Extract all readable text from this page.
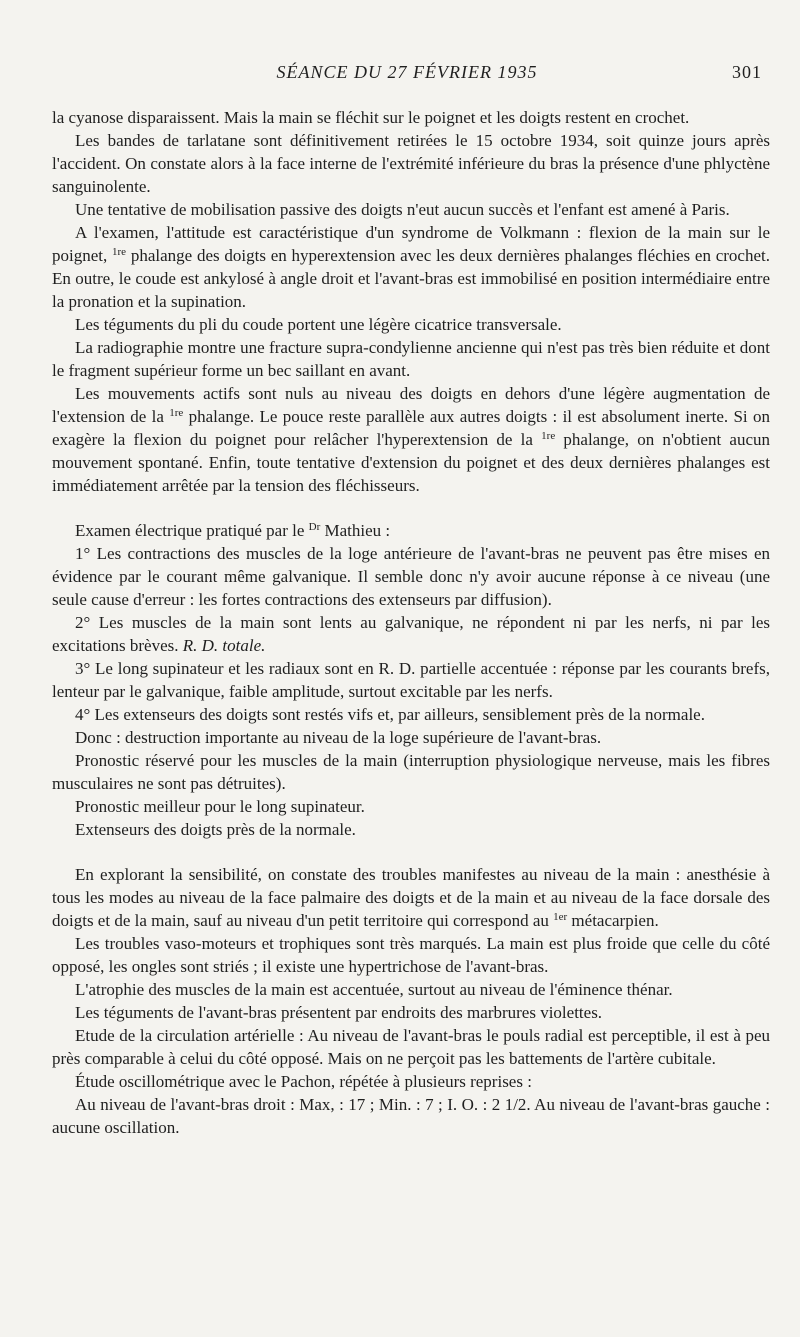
SÉANCE DU 27 FÉVRIER 1935	301

la cyanose disparaissent. Mais la main se fléchit sur le poignet et les doigts restent en crochet.

Les bandes de tarlatane sont définitivement retirées le 15 octobre 1934, soit quinze jours après l'accident. On constate alors à la face interne de l'extrémité inférieure du bras la présence d'une phlyctène sanguinolente.

Une tentative de mobilisation passive des doigts n'eut aucun succès et l'enfant est amené à Paris.

A l'examen, l'attitude est caractéristique d'un syndrome de Volkmann : flexion de la main sur le poignet, $^{1re}$ phalange des doigts en hyperextension avec les deux dernières phalanges fléchies en crochet. En outre, le coude est ankylosé à angle droit et l'avant-bras est immobilisé en position intermédiaire entre la pronation et la supination.

Les téguments du pli du coude portent une légère cicatrice transversale.

La radiographie montre une fracture supra-condylienne ancienne qui n'est pas très bien réduite et dont le fragment supérieur forme un bec saillant en avant.

Les mouvements actifs sont nuls au niveau des doigts en dehors d'une légère augmentation de l'extension de la $^{1re}$ phalange. Le pouce reste parallèle aux autres doigts : il est absolument inerte. Si on exagère la flexion du poignet pour relâcher l'hyperextension de la $^{1re}$ phalange, on n'obtient aucun mouvement spontané. Enfin, toute tentative d'extension du poignet et des deux dernières phalanges est immédiatement arrêtée par la tension des fléchisseurs.

Examen électrique pratiqué par le $^{Dr}$ Mathieu :

1° Les contractions des muscles de la loge antérieure de l'avant-bras ne peuvent pas être mises en évidence par le courant même galvanique. Il semble donc n'y avoir aucune réponse à ce niveau (une seule cause d'erreur : les fortes contractions des extenseurs par diffusion).

2° Les muscles de la main sont lents au galvanique, ne répondent ni par les nerfs, ni par les excitations brèves. R. D. totale.

3° Le long supinateur et les radiaux sont en R. D. partielle accentuée : réponse par les courants brefs, lenteur par le galvanique, faible amplitude, surtout excitable par les nerfs.

4° Les extenseurs des doigts sont restés vifs et, par ailleurs, sensiblement près de la normale.

Donc : destruction importante au niveau de la loge supérieure de l'avant-bras.

Pronostic réservé pour les muscles de la main (interruption physiologique nerveuse, mais les fibres musculaires ne sont pas détruites).

Pronostic meilleur pour le long supinateur.

Extenseurs des doigts près de la normale.

En explorant la sensibilité, on constate des troubles manifestes au niveau de la main : anesthésie à tous les modes au niveau de la face palmaire des doigts et de la main et au niveau de la face dorsale des doigts et de la main, sauf au niveau d'un petit territoire qui correspond au $^{1er}$ métacarpien.

Les troubles vaso-moteurs et trophiques sont très marqués. La main est plus froide que celle du côté opposé, les ongles sont striés ; il existe une hypertrichose de l'avant-bras.

L'atrophie des muscles de la main est accentuée, surtout au niveau de l'éminence thénar.

Les téguments de l'avant-bras présentent par endroits des marbrures violettes.

Etude de la circulation artérielle : Au niveau de l'avant-bras le pouls radial est perceptible, il est à peu près comparable à celui du côté opposé. Mais on ne perçoit pas les battements de l'artère cubitale.

Étude oscillométrique avec le Pachon, répétée à plusieurs reprises :

Au niveau de l'avant-bras droit : Max, : 17 ; Min. : 7 ; I. O. : 2 1/2. Au niveau de l'avant-bras gauche : aucune oscillation.
